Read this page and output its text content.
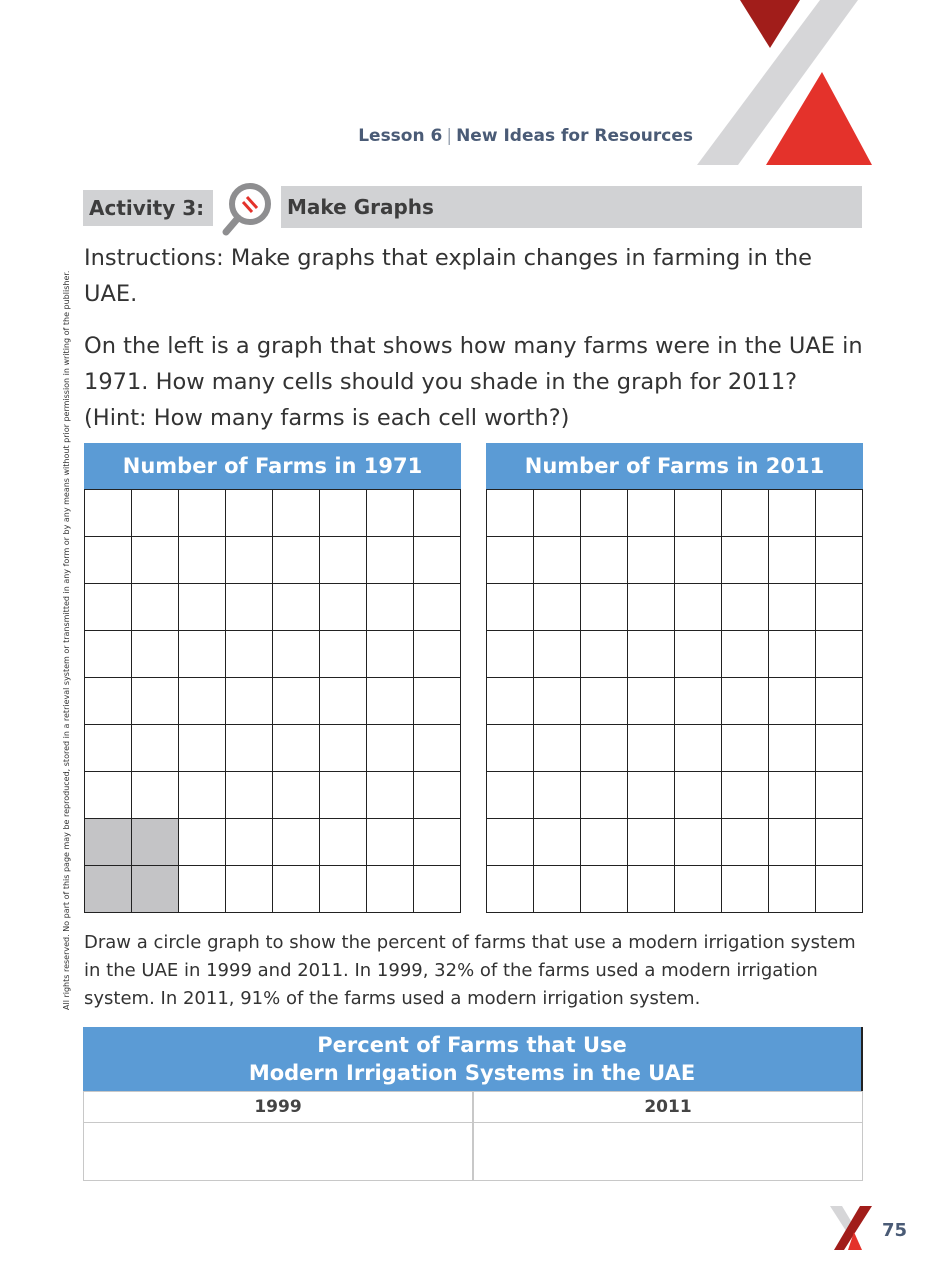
Lesson 6 | New Ideas for Resources
Activity 3:	Make Graphs
All rights reserved. No part of this page may be reproduced, stored in a retrieval system or transmitted in any form or by any means without prior permission in writing of the publisher.
Instructions: Make graphs that explain changes in farming in the UAE.
On the left is a graph that shows how many farms were in the UAE in 1971. How many cells should you shade in the graph for 2011? (Hint: How many farms is each cell worth?)
Number of Farms in 1971	Number of Farms in 2011
Draw a circle graph to show the percent of farms that use a modern irrigation system in the UAE in 1999 and 2011. In 1999, 32% of the farms used a modern irrigation system. In 2011, 91% of the farms used a modern irrigation system.
Percent of Farms that Use
Modern Irrigation Systems in the UAE
1999	2011
75
